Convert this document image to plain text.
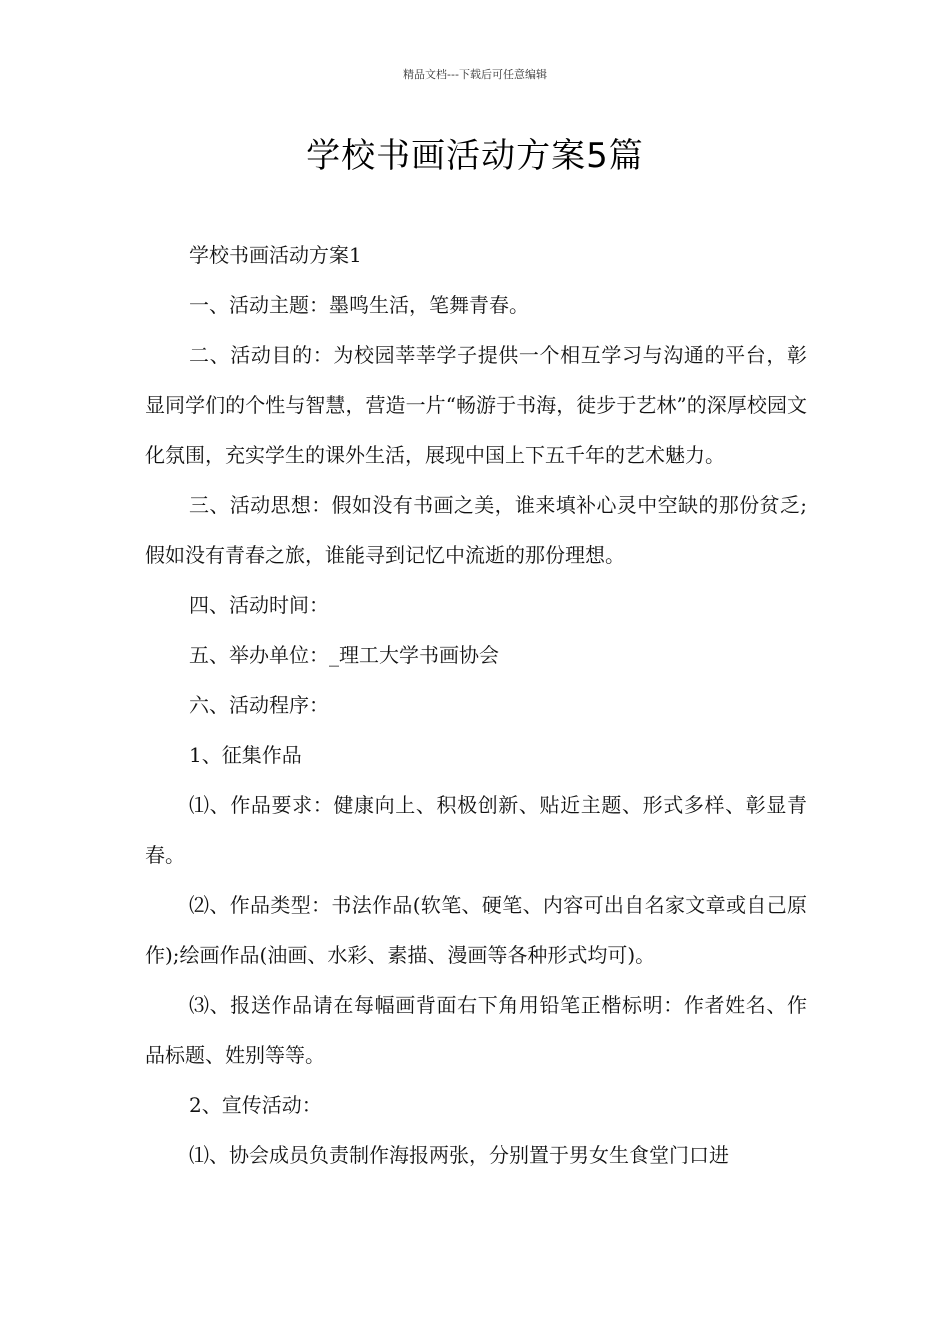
精品文档---下载后可任意编辑
学校书画活动方案5篇

学校书画活动方案1

一、活动主题：墨鸣生活，笔舞青春。

二、活动目的：为校园莘莘学子提供一个相互学习与沟通的平台，彰显同学们的个性与智慧，营造一片“畅游于书海，徒步于艺林”的深厚校园文化氛围，充实学生的课外生活，展现中国上下五千年的艺术魅力。

三、活动思想：假如没有书画之美，谁来填补心灵中空缺的那份贫乏;假如没有青春之旅，谁能寻到记忆中流逝的那份理想。

四、活动时间：

五、举办单位：_理工大学书画协会

六、活动程序：

1、征集作品

⑴、作品要求：健康向上、积极创新、贴近主题、形式多样、彰显青春。

⑵、作品类型：书法作品(软笔、硬笔、内容可出自名家文章或自己原作);绘画作品(油画、水彩、素描、漫画等各种形式均可)。

⑶、报送作品请在每幅画背面右下角用铅笔正楷标明：作者姓名、作品标题、姓别等等。

2、宣传活动：

⑴、协会成员负责制作海报两张，分别置于男女生食堂门口进
